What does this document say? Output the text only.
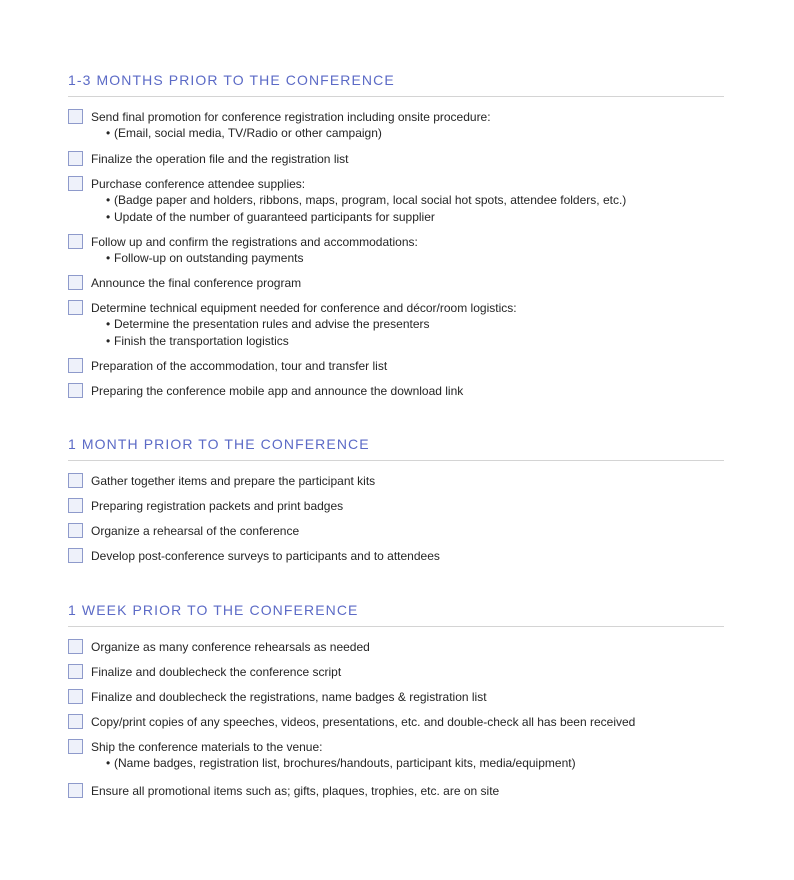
1-3 MONTHS PRIOR TO THE CONFERENCE
Send final promotion for conference registration including onsite procedure:
• (Email, social media, TV/Radio or other campaign)
Finalize the operation file and the registration list
Purchase conference attendee supplies:
• (Badge paper and holders, ribbons, maps, program, local social hot spots, attendee folders, etc.)
• Update of the number of guaranteed participants for supplier
Follow up and confirm the registrations and accommodations:
• Follow-up on outstanding payments
Announce the final conference program
Determine technical equipment needed for conference and décor/room logistics:
• Determine the presentation rules and advise the presenters
• Finish the transportation logistics
Preparation of the accommodation, tour and transfer list
Preparing the conference mobile app and announce the download link
1 MONTH PRIOR TO THE CONFERENCE
Gather together items and prepare the participant kits
Preparing registration packets and print badges
Organize a rehearsal of the conference
Develop post-conference surveys to participants and to attendees
1 WEEK PRIOR TO THE CONFERENCE
Organize as many conference rehearsals as needed
Finalize and doublecheck the conference script
Finalize and doublecheck the registrations, name badges & registration list
Copy/print copies of any speeches, videos, presentations, etc. and double-check all has been received
Ship the conference materials to the venue:
• (Name badges, registration list, brochures/handouts, participant kits, media/equipment)
Ensure all promotional items such as; gifts, plaques, trophies, etc. are on site
